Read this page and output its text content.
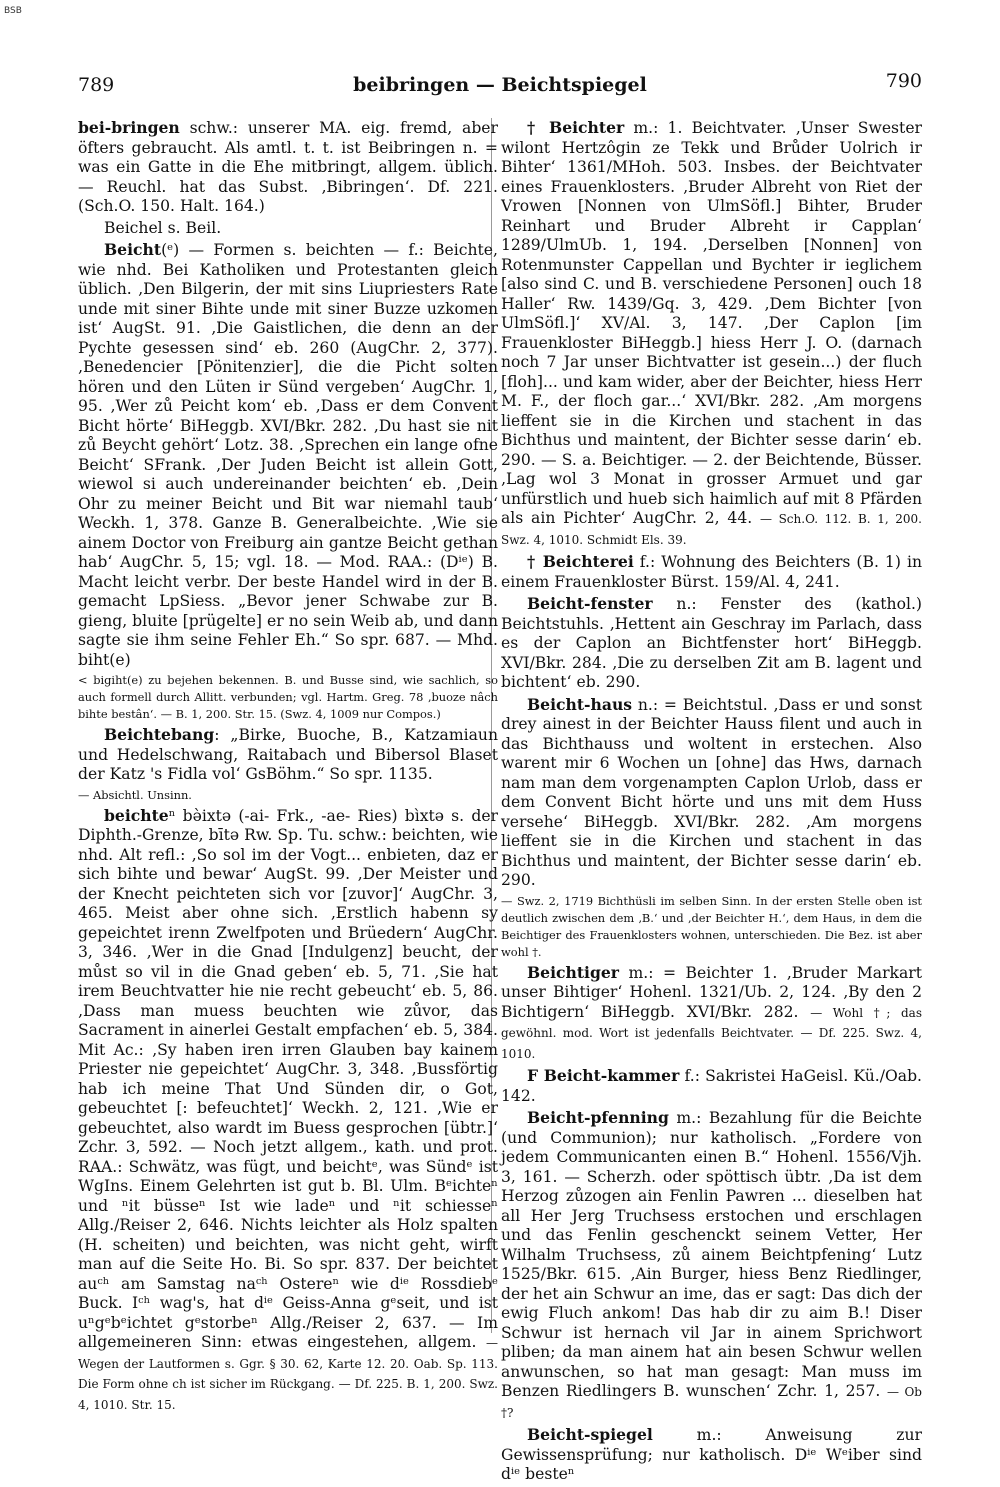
BSB
789	beibringen — Beichtspiegel	790

bei-bringen schw.: unserer MA. eig. fremd, aber öfters gebraucht. Als amtl. t. t. ist Beibringen n. = was ein Gatte in die Ehe mitbringt, allgem. üblich. — Reuchl. hat das Subst. ‚Bibringen‘. Df. 221. (Sch.O. 150. Halt. 164.)

Beichel s. Beil.

Beicht(ᵉ) — Formen s. beichten — f.: Beichte, wie nhd. Bei Katholiken und Protestanten gleich üblich. ‚Den Bilgerin, der mit sins Liupriesters Rate unde mit siner Bihte unde mit siner Buzze uzkomen ist‘ AugSt. 91. ‚Die Gaistlichen, die denn an der Pychte gesessen sind‘ eb. 260 (AugChr. 2, 377). ‚Benedencier [Pönitenzier], die die Picht solten hören und den Lüten ir Sünd vergeben‘ AugChr. 1, 95. ‚Wer zů Peicht kom‘ eb. ‚Dass er dem Convent Bicht hörte‘ BiHeggb. XVI/Bkr. 282. ‚Du hast sie nit zů Beycht gehört‘ Lotz. 38. ‚Sprechen ein lange ofne Beicht‘ SFrank. ‚Der Juden Beicht ist allein Gott, wiewol si auch undereinander beichten‘ eb. ‚Dein Ohr zu meiner Beicht und Bit war niemahl taub‘ Weckh. 1, 378. Ganze B. Generalbeichte. ‚Wie sie ainem Doctor von Freiburg ain gantze Beicht gethan hab‘ AugChr. 5, 15; vgl. 18. — Mod. RAA.: (Dⁱᵉ) B. Macht leicht verbr. Der beste Handel wird in der B. gemacht LpSiess. „Bevor jener Schwabe zur B. gieng, bluite [prügelte] er no sein Weib ab, und dann sagte sie ihm seine Fehler Eh.“ So spr. 687. — Mhd. biht(e)

< bigiht(e) zu bejehen bekennen. B. und Busse sind, wie sachlich, so auch formell durch Allitt. verbunden; vgl. Hartm. Greg. 78 ‚buoze nâch bihte bestân‘. — B. 1, 200. Str. 15. (Swz. 4, 1009 nur Compos.)

Beichtebang: „Birke, Buoche, B., Katzamiaun und Hedelschwang, Raitabach und Bibersol Blaset der Katz 's Fidla vol‘ GsBöhm.“ So spr. 1135.

— Absichtl. Unsinn.

beichteⁿ bə̀ixtə (-ai- Frk., -ae- Ries) bìxtə s. der Diphth.-Grenze, bītə Rw. Sp. Tu. schw.: beichten, wie nhd. Alt refl.: ‚So sol im der Vogt... enbieten, daz er sich bihte und bewar‘ AugSt. 99. ‚Der Meister und der Knecht peichteten sich vor [zuvor]‘ AugChr. 3, 465. Meist aber ohne sich. ‚Erstlich habenn sy gepeichtet irenn Zwelfpoten und Brüedern‘ AugChr. 3, 346. ‚Wer in die Gnad [Indulgenz] beucht, der můst so vil in die Gnad geben‘ eb. 5, 71. ‚Sie hat irem Beuchtvatter hie nie recht gebeucht‘ eb. 5, 86. ‚Dass man muess beuchten wie zůvor, das Sacrament in ainerlei Gestalt empfachen‘ eb. 5, 384. Mit Ac.: ‚Sy haben iren irren Glauben bay kainem Priester nie gepeichtet‘ AugChr. 3, 348. ‚Bussförtig hab ich meine That Und Sünden dir, o Got, gebeuchtet [: befeuchtet]‘ Weckh. 2, 121. ‚Wie er gebeuchtet, also wardt im Buess gesprochen [übtr.]‘ Zchr. 3, 592. — Noch jetzt allgem., kath. und prot. RAA.: Schwätz, was fügt, und beichtᵉ, was Sündᵉ ist WgIns. Einem Gelehrten ist gut b. Bl. Ulm. Bᵉichteⁿ und ⁿit büsseⁿ Ist wie ladeⁿ und ⁿit schiesseⁿ Allg./Reiser 2, 646. Nichts leichter als Holz spalten (H. scheiten) und beichten, was nicht geht, wirft man auf die Seite Ho. Bi. So spr. 837. Der beichtet auᶜʰ am Samstag naᶜʰ Ostereⁿ wie dⁱᵉ Rossdiebᵉ Buck. Iᶜʰ wag's, hat dⁱᵉ Geiss-Anna gᵉseit, und ist uⁿgᵉbᵉichtet gᵉstorbeⁿ Allg./Reiser 2, 637. — Im allgemeineren Sinn: etwas eingestehen, allgem. — Wegen der Lautformen s. Ggr. § 30. 62, Karte 12. 20. Oab. Sp. 113. Die Form ohne ch ist sicher im Rückgang. — Df. 225. B. 1, 200. Swz. 4, 1010. Str. 15.

† Beichter m.: 1. Beichtvater. ‚Unser Swester wilont Hertzôgin ze Tekk und Brůder Uolrich ir Bihter‘ 1361/MHoh. 503. Insbes. der Beichtvater eines Frauenklosters. ‚Bruder Albreht von Riet der Vrowen [Nonnen von UlmSöfl.] Bihter, Bruder Reinhart und Bruder Albreht ir Capplan‘ 1289/UlmUb. 1, 194. ‚Derselben [Nonnen] von Rotenmunster Cappellan und Bychter ir ieglichem [also sind C. und B. verschiedene Personen] ouch 18 Haller‘ Rw. 1439/Gq. 3, 429. ‚Dem Bichter [von UlmSöfl.]‘ XV/Al. 3, 147. ‚Der Caplon [im Frauenkloster BiHeggb.] hiess Herr J. O. (darnach noch 7 Jar unser Bichtvatter ist gesein...) der fluch [floh]... und kam wider, aber der Beichter, hiess Herr M. F., der floch gar...‘ XVI/Bkr. 282. ‚Am morgens lieffent sie in die Kirchen und stachent in das Bichthus und maintent, der Bichter sesse darin‘ eb. 290. — S. a. Beichtiger. — 2. der Beichtende, Büsser. ‚Lag wol 3 Monat in grosser Armuet und gar unfürstlich und hueb sich haimlich auf mit 8 Pfärden als ain Pichter‘ AugChr. 2, 44. — Sch.O. 112. B. 1, 200. Swz. 4, 1010. Schmidt Els. 39.

† Beichterei f.: Wohnung des Beichters (B. 1) in einem Frauenkloster Bürst. 159/Al. 4, 241.

Beicht-fenster n.: Fenster des (kathol.) Beichtstuhls. ‚Hettent ain Geschray im Parlach, dass es der Caplon an Bichtfenster hort‘ BiHeggb. XVI/Bkr. 284. ‚Die zu derselben Zit am B. lagent und bichtent‘ eb. 290.

Beicht-haus n.: = Beichtstul. ‚Dass er und sonst drey ainest in der Beichter Hauss filent und auch in das Bichthauss und woltent in erstechen. Also warent mir 6 Wochen un [ohne] das Hws, darnach nam man dem vorgenampten Caplon Urlob, dass er dem Convent Bicht hörte und uns mit dem Huss versehe‘ BiHeggb. XVI/Bkr. 282. ‚Am morgens lieffent sie in die Kirchen und stachent in das Bichthus und maintent, der Bichter sesse darin‘ eb. 290.

— Swz. 2, 1719 Bichthüsli im selben Sinn. In der ersten Stelle oben ist deutlich zwischen dem ‚B.‘ und ‚der Beichter H.‘, dem Haus, in dem die Beichtiger des Frauenklosters wohnen, unterschieden. Die Bez. ist aber wohl †.

Beichtiger m.: = Beichter 1. ‚Bruder Markart unser Bihtiger‘ Hohenl. 1321/Ub. 2, 124. ‚By den 2 Bichtigern‘ BiHeggb. XVI/Bkr. 282. — Wohl †; das gewöhnl. mod. Wort ist jedenfalls Beichtvater. — Df. 225. Swz. 4, 1010.

F Beicht-kammer f.: Sakristei HaGeisl. Kü./Oab. 142.

Beicht-pfenning m.: Bezahlung für die Beichte (und Communion); nur katholisch. „Fordere von jedem Communicanten einen B.“ Hohenl. 1556/Vjh. 3, 161. — Scherzh. oder spöttisch übtr. ‚Da ist dem Herzog zůzogen ain Fenlin Pawren ... dieselben hat all Her Jerg Truchsess erstochen und erschlagen und das Fenlin geschenckt seinem Vetter, Her Wilhalm Truchsess, zů ainem Beichtpfening‘ Lutz 1525/Bkr. 615. ‚Ain Burger, hiess Benz Riedlinger, der het ain Schwur an ime, das er sagt: Das dich der ewig Fluch ankom! Das hab dir zu aim B.! Diser Schwur ist hernach vil Jar in ainem Sprichwort pliben; da man ainem hat ain besen Schwur wellen anwunschen, so hat man gesagt: Man muss im Benzen Riedlingers B. wunschen‘ Zchr. 1, 257. — Ob †?

Beicht-spiegel m.: Anweisung zur Gewissensprüfung; nur katholisch. Dⁱᵉ Wᵉiber sind dⁱᵉ besteⁿ
